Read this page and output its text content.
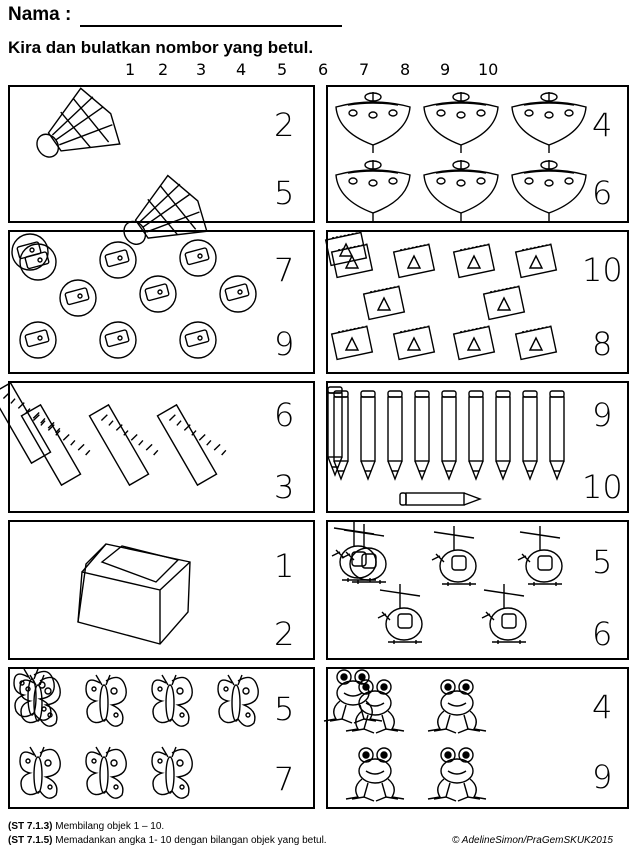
Nama :
Kira dan bulatkan nombor yang betul.
1 2 3 4 5 6 7 8 9 10
2
5
4
6
7
9
10
8
6
3
9
10
1
2
5
6
5
7
4
9
(ST 7.1.3) Membilang objek 1 – 10.
(ST 7.1.5) Memadankan angka 1- 10 dengan bilangan objek yang betul.	© AdelineSimon/PraGemSKUK2015
